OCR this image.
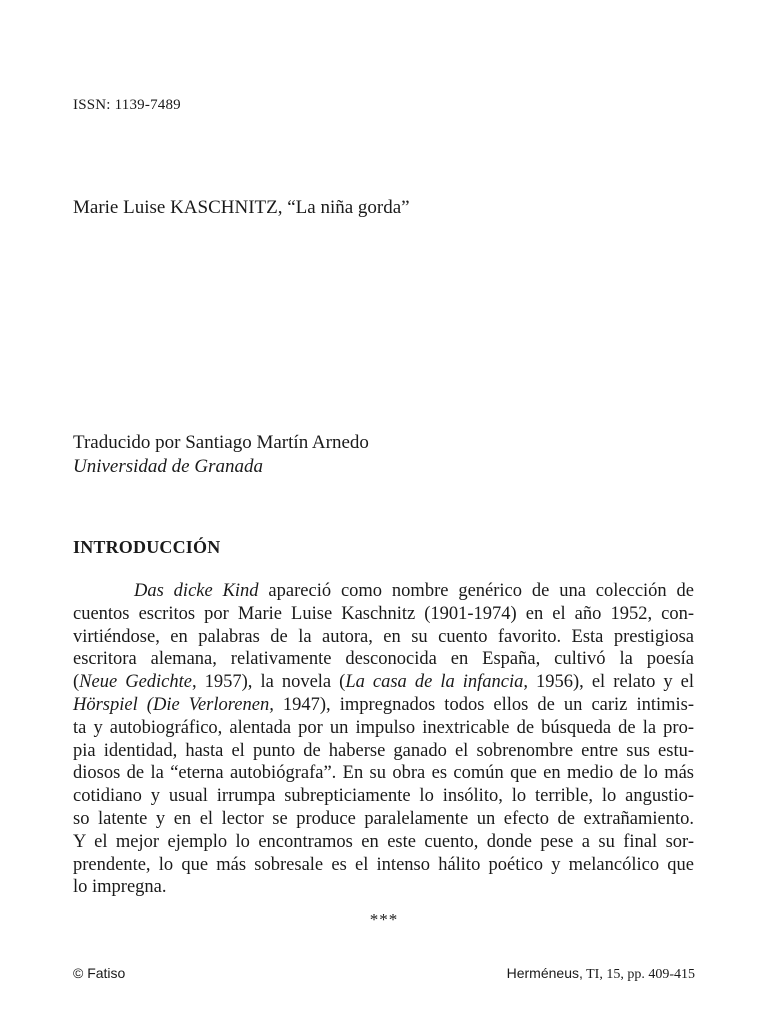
ISSN: 1139-7489
Marie Luise KASCHNITZ, “La niña gorda”
Traducido por Santiago Martín Arnedo
Universidad de Granada
INTRODUCCIÓN
Das dicke Kind apareció como nombre genérico de una colección de
cuentos escritos por Marie Luise Kaschnitz (1901-1974) en el año 1952, con-
virtiéndose, en palabras de la autora, en su cuento favorito. Esta prestigiosa
escritora alemana, relativamente desconocida en España, cultivó la poesía
(Neue Gedichte, 1957), la novela (La casa de la infancia, 1956), el relato y el
Hörspiel (Die Verlorenen, 1947), impregnados todos ellos de un cariz intimis-
ta y autobiográfico, alentada por un impulso inextricable de búsqueda de la pro-
pia identidad, hasta el punto de haberse ganado el sobrenombre entre sus estu-
diosos de la “eterna autobiógrafa”. En su obra es común que en medio de lo más
cotidiano y usual irrumpa subrepticiamente lo insólito, lo terrible, lo angustio-
so latente y en el lector se produce paralelamente un efecto de extrañamiento.
Y el mejor ejemplo lo encontramos en este cuento, donde pese a su final sor-
prendente, lo que más sobresale es el intenso hálito poético y melancólico que
lo impregna.
***
© Fatiso	Herméneus, TI, 15, pp. 409-415
